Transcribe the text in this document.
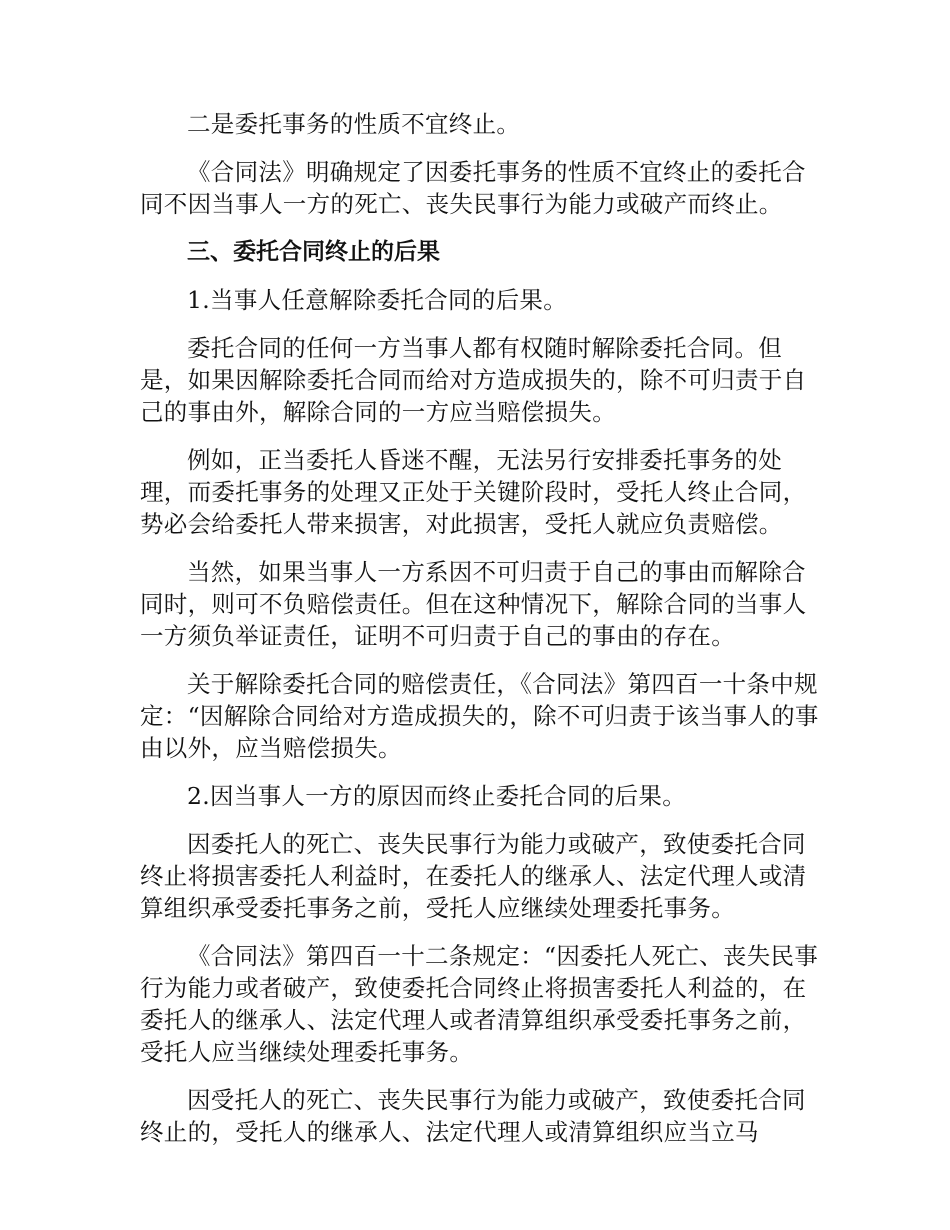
二是委托事务的性质不宜终止。

《合同法》明确规定了因委托事务的性质不宜终止的委托合同不因当事人一方的死亡、丧失民事行为能力或破产而终止。

三、委托合同终止的后果

1.当事人任意解除委托合同的后果。

委托合同的任何一方当事人都有权随时解除委托合同。但是，如果因解除委托合同而给对方造成损失的，除不可归责于自己的事由外，解除合同的一方应当赔偿损失。

例如，正当委托人昏迷不醒，无法另行安排委托事务的处理，而委托事务的处理又正处于关键阶段时，受托人终止合同，势必会给委托人带来损害，对此损害，受托人就应负责赔偿。

当然，如果当事人一方系因不可归责于自己的事由而解除合同时，则可不负赔偿责任。但在这种情况下，解除合同的当事人一方须负举证责任，证明不可归责于自己的事由的存在。

关于解除委托合同的赔偿责任，《合同法》第四百一十条中规定：“因解除合同给对方造成损失的，除不可归责于该当事人的事由以外，应当赔偿损失。

2.因当事人一方的原因而终止委托合同的后果。

因委托人的死亡、丧失民事行为能力或破产，致使委托合同终止将损害委托人利益时，在委托人的继承人、法定代理人或清算组织承受委托事务之前，受托人应继续处理委托事务。

《合同法》第四百一十二条规定：“因委托人死亡、丧失民事行为能力或者破产，致使委托合同终止将损害委托人利益的，在委托人的继承人、法定代理人或者清算组织承受委托事务之前，受托人应当继续处理委托事务。

因受托人的死亡、丧失民事行为能力或破产，致使委托合同终止的，受托人的继承人、法定代理人或清算组织应当立马
